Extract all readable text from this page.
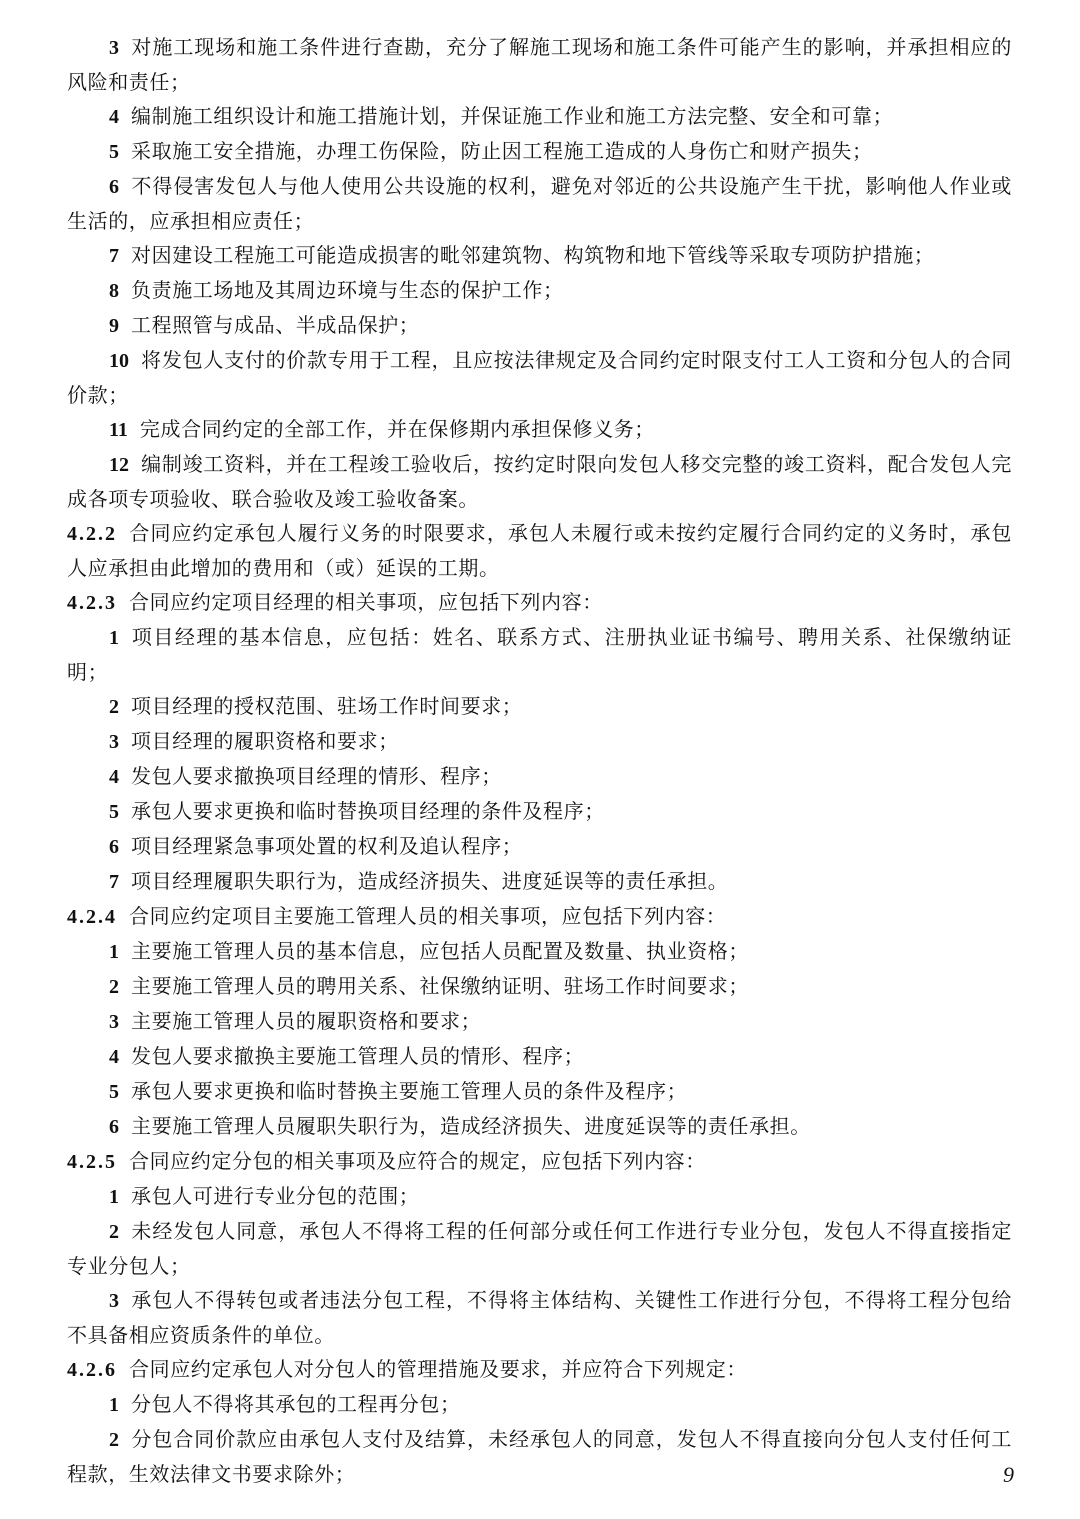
3 对施工现场和施工条件进行查勘，充分了解施工现场和施工条件可能产生的影响，并承担相应的风险和责任；

4 编制施工组织设计和施工措施计划，并保证施工作业和施工方法完整、安全和可靠；

5 采取施工安全措施，办理工伤保险，防止因工程施工造成的人身伤亡和财产损失；

6 不得侵害发包人与他人使用公共设施的权利，避免对邻近的公共设施产生干扰，影响他人作业或生活的，应承担相应责任；

7 对因建设工程施工可能造成损害的毗邻建筑物、构筑物和地下管线等采取专项防护措施；

8 负责施工场地及其周边环境与生态的保护工作；

9 工程照管与成品、半成品保护；

10 将发包人支付的价款专用于工程，且应按法律规定及合同约定时限支付工人工资和分包人的合同价款；

11 完成合同约定的全部工作，并在保修期内承担保修义务；

12 编制竣工资料，并在工程竣工验收后，按约定时限向发包人移交完整的竣工资料，配合发包人完成各项专项验收、联合验收及竣工验收备案。

4.2.2 合同应约定承包人履行义务的时限要求，承包人未履行或未按约定履行合同约定的义务时，承包人应承担由此增加的费用和（或）延误的工期。

4.2.3 合同应约定项目经理的相关事项，应包括下列内容：

1 项目经理的基本信息，应包括：姓名、联系方式、注册执业证书编号、聘用关系、社保缴纳证明；

2 项目经理的授权范围、驻场工作时间要求；

3 项目经理的履职资格和要求；

4 发包人要求撤换项目经理的情形、程序；

5 承包人要求更换和临时替换项目经理的条件及程序；

6 项目经理紧急事项处置的权利及追认程序；

7 项目经理履职失职行为，造成经济损失、进度延误等的责任承担。

4.2.4 合同应约定项目主要施工管理人员的相关事项，应包括下列内容：

1 主要施工管理人员的基本信息，应包括人员配置及数量、执业资格；

2 主要施工管理人员的聘用关系、社保缴纳证明、驻场工作时间要求；

3 主要施工管理人员的履职资格和要求；

4 发包人要求撤换主要施工管理人员的情形、程序；

5 承包人要求更换和临时替换主要施工管理人员的条件及程序；

6 主要施工管理人员履职失职行为，造成经济损失、进度延误等的责任承担。

4.2.5 合同应约定分包的相关事项及应符合的规定，应包括下列内容：

1 承包人可进行专业分包的范围；

2 未经发包人同意，承包人不得将工程的任何部分或任何工作进行专业分包，发包人不得直接指定专业分包人；

3 承包人不得转包或者违法分包工程，不得将主体结构、关键性工作进行分包，不得将工程分包给不具备相应资质条件的单位。

4.2.6 合同应约定承包人对分包人的管理措施及要求，并应符合下列规定：

1 分包人不得将其承包的工程再分包；

2 分包合同价款应由承包人支付及结算，未经承包人的同意，发包人不得直接向分包人支付任何工程款，生效法律文书要求除外；	9
